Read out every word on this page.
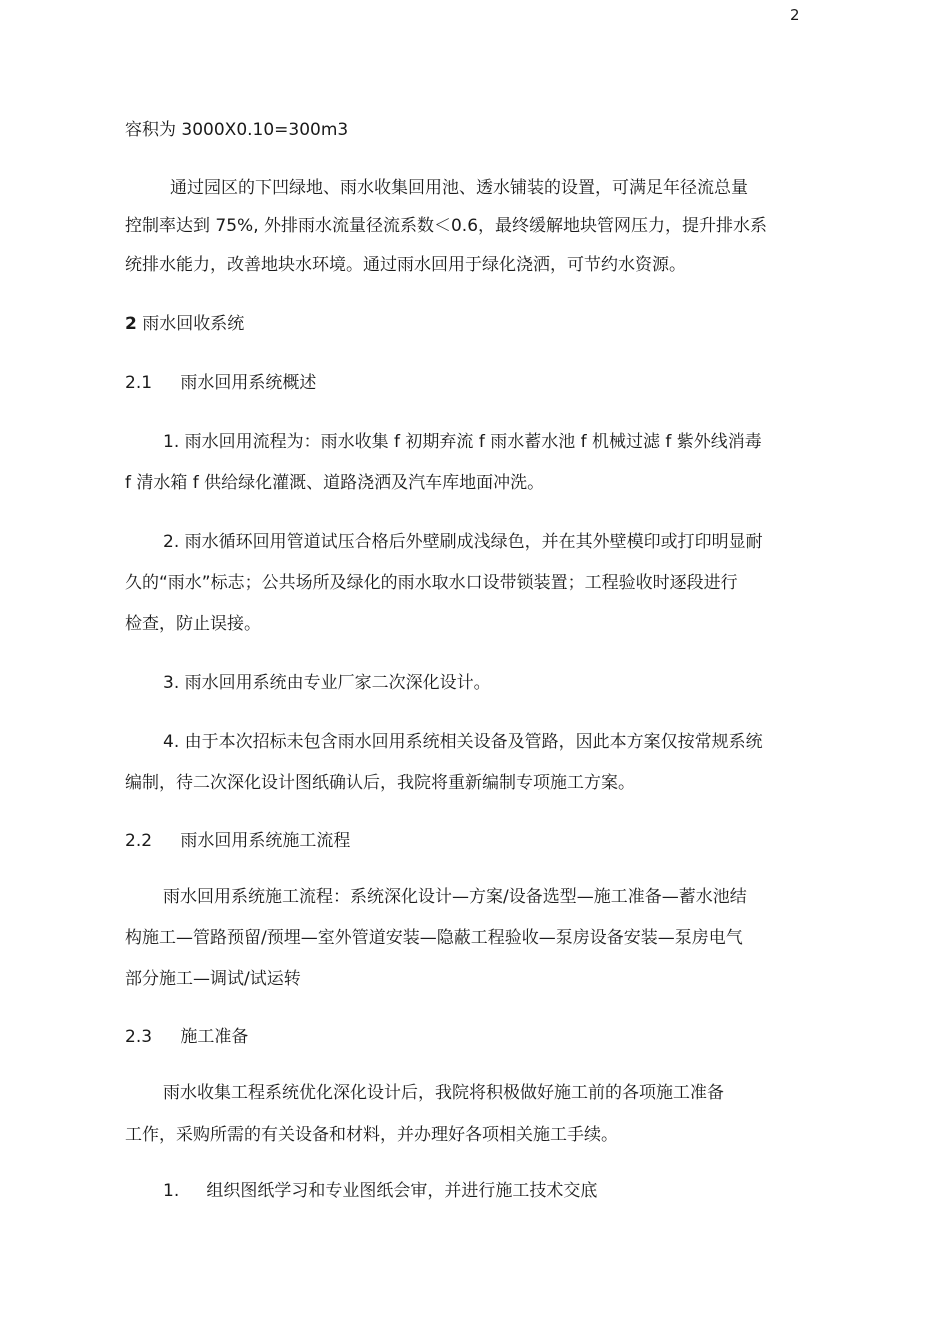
2

容积为 3000X0.10=300m3

通过园区的下凹绿地、雨水收集回用池、透水铺装的设置，可满足年径流总量

控制率达到 75%, 外排雨水流量径流系数＜0.6，最终缓解地块管网压力，提升排水系

统排水能力，改善地块水环境。通过雨水回用于绿化浇洒，可节约水资源。

2 雨水回收系统
2.1 雨水回用系统概述

1. 雨水回用流程为：雨水收集 f 初期弃流 f 雨水蓄水池 f 机械过滤 f 紫外线消毒

f 清水箱 f 供给绿化灌溉、道路浇洒及汽车库地面冲洗。

2. 雨水循环回用管道试压合格后外壁刷成浅绿色，并在其外壁模印或打印明显耐

久的“雨水”标志；公共场所及绿化的雨水取水口设带锁装置；工程验收时逐段进行

检查，防止误接。

3. 雨水回用系统由专业厂家二次深化设计。

4. 由于本次招标未包含雨水回用系统相关设备及管路，因此本方案仅按常规系统

编制，待二次深化设计图纸确认后，我院将重新编制专项施工方案。

2.2 雨水回用系统施工流程

雨水回用系统施工流程：系统深化设计—方案/设备选型—施工准备—蓄水池结

构施工—管路预留/预埋—室外管道安装—隐蔽工程验收—泵房设备安装—泵房电气

部分施工—调试/试运转

2.3 施工准备

雨水收集工程系统优化深化设计后，我院将积极做好施工前的各项施工准备

工作，采购所需的有关设备和材料，并办理好各项相关施工手续。

1. 组织图纸学习和专业图纸会审，并进行施工技术交底
